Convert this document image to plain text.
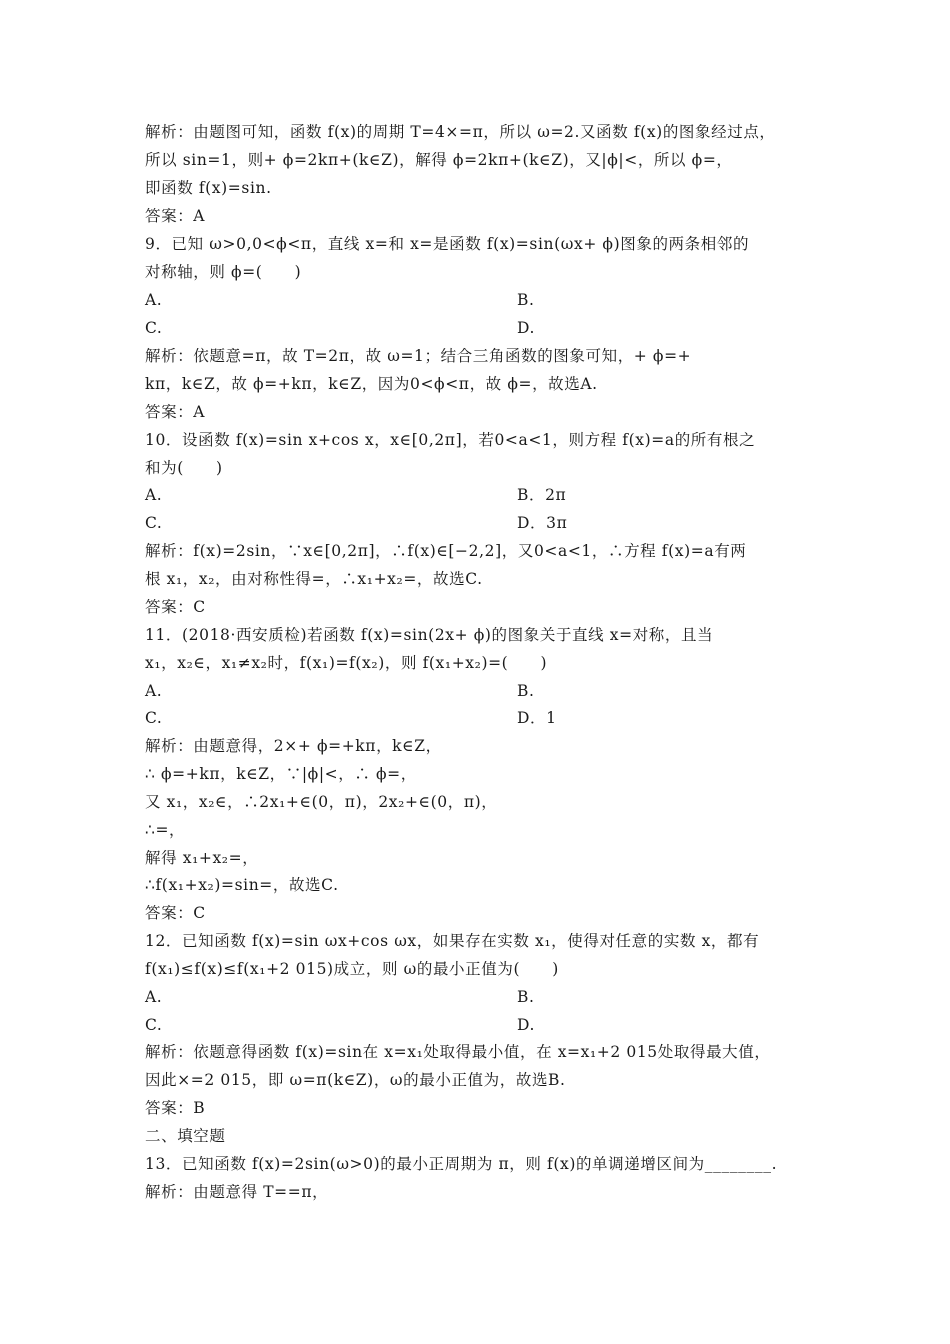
解析：由题图可知，函数 f(x)的周期 T=4×=π，所以 ω=2.又函数 f(x)的图象经过点，
所以 sin=1，则+ ϕ=2kπ+(k∈Z)，解得 ϕ=2kπ+(k∈Z)，又|ϕ|<，所以 ϕ=，
即函数 f(x)=sin.
答案：A
9．已知 ω>0,0<ϕ<π，直线 x=和 x=是函数 f(x)=sin(ωx+ ϕ)图象的两条相邻的
对称轴，则 ϕ=(　　)
A.	B.
C.	D.
解析：依题意=π，故 T=2π，故 ω=1；结合三角函数的图象可知，+ ϕ=+
kπ，k∈Z，故 ϕ=+kπ，k∈Z，因为0<ϕ<π，故 ϕ=，故选A.
答案：A
10．设函数 f(x)=sin x+cos x，x∈[0,2π]，若0<a<1，则方程 f(x)=a的所有根之
和为(　　)
A.	B．2π
C.	D．3π
解析：f(x)=2sin，∵x∈[0,2π]，∴f(x)∈[−2,2]，又0<a<1，∴方程 f(x)=a有两
根 x₁，x₂，由对称性得=，∴x₁+x₂=，故选C.
答案：C
11．(2018·西安质检)若函数 f(x)=sin(2x+ ϕ)的图象关于直线 x=对称，且当
x₁，x₂∈，x₁≠x₂时，f(x₁)=f(x₂)，则 f(x₁+x₂)=(　　)
A.	B.
C.	D．1
解析：由题意得，2×+ ϕ=+kπ，k∈Z，
∴ ϕ=+kπ，k∈Z，∵|ϕ|<，∴ ϕ=，
又 x₁，x₂∈，∴2x₁+∈(0，π)，2x₂+∈(0，π)，
∴=，
解得 x₁+x₂=，
∴f(x₁+x₂)=sin=，故选C.
答案：C
12．已知函数 f(x)=sin ωx+cos ωx，如果存在实数 x₁，使得对任意的实数 x，都有
f(x₁)≤f(x)≤f(x₁+2 015)成立，则 ω的最小正值为(　　)
A.	B.
C.	D.
解析：依题意得函数 f(x)=sin在 x=x₁处取得最小值，在 x=x₁+2 015处取得最大值，
因此×=2 015，即 ω=π(k∈Z)，ω的最小正值为，故选B.
答案：B
二、填空题
13．已知函数 f(x)=2sin(ω>0)的最小正周期为 π，则 f(x)的单调递增区间为________.
解析：由题意得 T==π，
